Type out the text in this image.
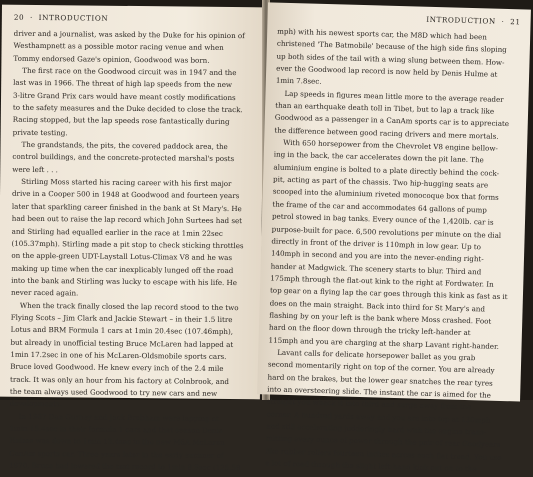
20  ·  INTRODUCTION
driver and a journalist, was asked by the Duke for his opinion of
Westhampnett as a possible motor racing venue and when
Tommy endorsed Gaze's opinion, Goodwood was born.
The first race on the Goodwood circuit was in 1947 and the
last was in 1966. The threat of high lap speeds from the new
3-litre Grand Prix cars would have meant costly modifications
to the safety measures and the Duke decided to close the track.
Racing stopped, but the lap speeds rose fantastically during
private testing.
The grandstands, the pits, the covered paddock area, the
control buildings, and the concrete-protected marshal's posts
were left . . .
Stirling Moss started his racing career with his first major
drive in a Cooper 500 in 1948 at Goodwood and fourteen years
later that sparkling career finished in the bank at St Mary's. He
had been out to raise the lap record which John Surtees had set
and Stirling had equalled earlier in the race at 1min 22sec
(105.37mph). Stirling made a pit stop to check sticking throttles
on the apple-green UDT-Laystall Lotus-Climax V8 and he was
making up time when the car inexplicably lunged off the road
into the bank and Stirling was lucky to escape with his life. He
never raced again.
When the track finally closed the lap record stood to the two
Flying Scots – Jim Clark and Jackie Stewart – in their 1.5 litre
Lotus and BRM Formula 1 cars at 1min 20.4sec (107.46mph),
but already in unofficial testing Bruce McLaren had lapped at
1min 17.2sec in one of his McLaren-Oldsmobile sports cars.
Bruce loved Goodwood. He knew every inch of the 2.4 mile
track. It was only an hour from his factory at Colnbrook, and
the team always used Goodwood to try new cars and new
developments.
In 1967 Dan Gurney and Jack Brabham were lapping at
1min 15.4sec in their formula 1 cars and that season Denis
Hulme was down to 1min 13.4sec in the new M6A McLaren
CanAm sports car. Three years later in the early summer of
1970, Bruce had lowered the test record to 1min 8.8sec (125.58
INTRODUCTION  ·  21
mph) with his newest sports car, the M8D which had been
christened 'The Batmobile' because of the high side fins sloping
up both sides of the tail with a wing slung between them. How-
ever the Goodwood lap record is now held by Denis Hulme at
1min 7.8sec.
Lap speeds in figures mean little more to the average reader
than an earthquake death toll in Tibet, but to lap a track like
Goodwood as a passenger in a CanAm sports car is to appreciate
the difference between good racing drivers and mere mortals.
With 650 horsepower from the Chevrolet V8 engine bellow-
ing in the back, the car accelerates down the pit lane. The
aluminium engine is bolted to a plate directly behind the cock-
pit, acting as part of the chassis. Two hip-hugging seats are
scooped into the aluminium riveted monocoque box that forms
the frame of the car and accommodates 64 gallons of pump
petrol stowed in bag tanks. Every ounce of the 1,420lb. car is
purpose-built for pace. 6,500 revolutions per minute on the dial
directly in front of the driver is 110mph in low gear. Up to
140mph in second and you are into the never-ending right-
hander at Madgwick. The scenery starts to blur. Third and
175mph through the flat-out kink to the right at Fordwater. In
top gear on a flying lap the car goes through this kink as fast as it
does on the main straight. Back into third for St Mary's and
flashing by on your left is the bank where Moss crashed. Foot
hard on the floor down through the tricky left-hander at
115mph and you are charging at the sharp Lavant right-hander.
Lavant calls for delicate horsepower ballet as you grab
second momentarily right on top of the corner. You are already
hard on the brakes, but the lower gear snatches the rear tyres
into an oversteering slide. The instant the car is aimed for the
straight you whack it into third and surge away from the
corner. A hundred yards away and you are into top at 130mph
and still accelerating judderingly hard with the engine trans-
mitting every ounce of power through the pair of rear Goodyears
like rubber rollers fourteen inches across each flat tread. You use
a lot of road through the slight left-hand kink out on to the
